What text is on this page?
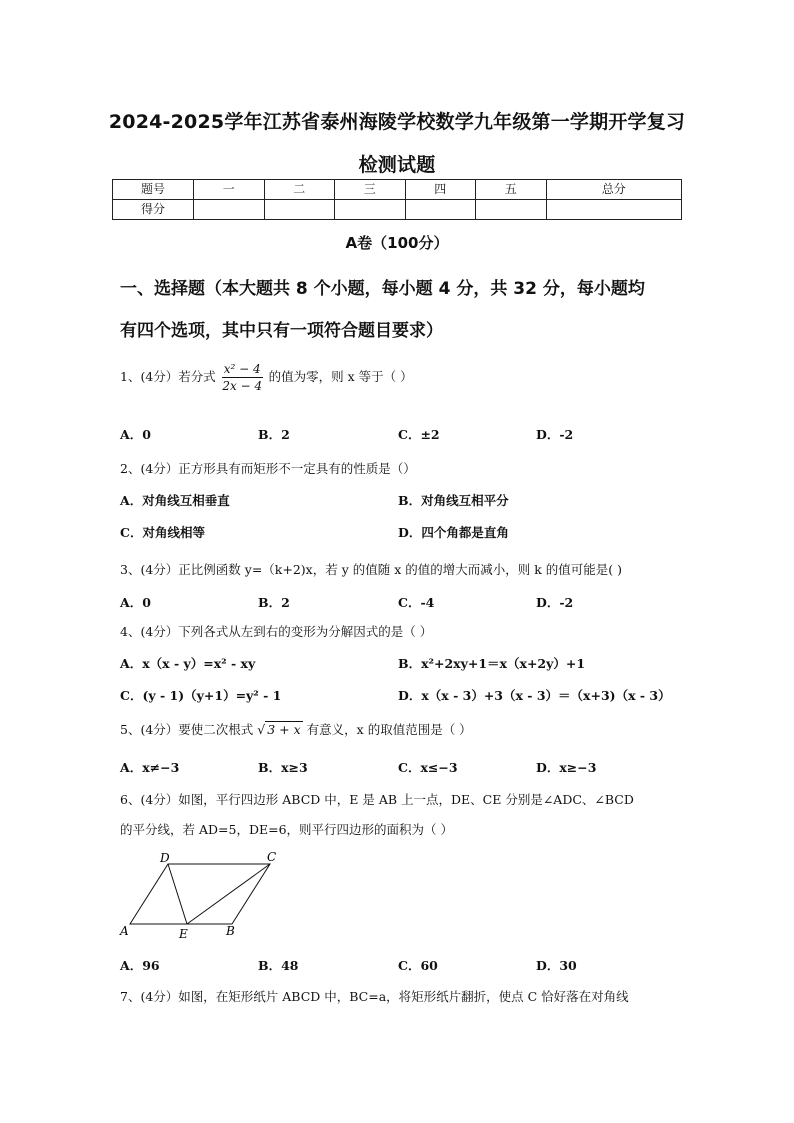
2024-2025学年江苏省泰州海陵学校数学九年级第一学期开学复习
检测试题
题号	一	二	三	四	五	总分
得分						
A卷（100分）
一、选择题（本大题共 8 个小题，每小题 4 分，共 32 分，每小题均
有四个选项，其中只有一项符合题目要求）
1、(4分）若分式 $\frac{\text{x² − 4}}{2x - 4}$ 的值为零，则 x 等于（ ）
A．0	B．2	C．±2	D．-2
2、(4分）正方形具有而矩形不一定具有的性质是（）
A．对角线互相垂直	B．对角线互相平分
C．对角线相等	D．四个角都是直角
3、(4分）正比例函数 y=（k+2)x，若 y 的值随 x 的值的增大而减小，则 k 的值可能是( )
A．0	B．2	C．-4	D．-2
4、(4分）下列各式从左到右的变形为分解因式的是（ ）
A．x（x - y）=x² - xy	B．x²+2xy+1＝x（x+2y）+1
C．(y - 1)（y+1）=y² - 1	D．x（x - 3）+3（x - 3）＝（x+3)（x - 3）
5、(4分）要使二次根式 √ 3 + x 有意义，x 的取值范围是（ ）
A．x≠−3	B．x≥3	C．x≤−3	D．x≥−3
6、(4分）如图，平行四边形 ABCD 中，E 是 AB 上一点，DE、CE 分别是∠ADC、∠BCD
的平分线，若 AD=5，DE=6，则平行四边形的面积为（ ）
D	C
A	E	B
A．96	B．48	C．60	D．30
7、(4分）如图，在矩形纸片 ABCD 中，BC=a，将矩形纸片翻折，使点 C 恰好落在对角线
